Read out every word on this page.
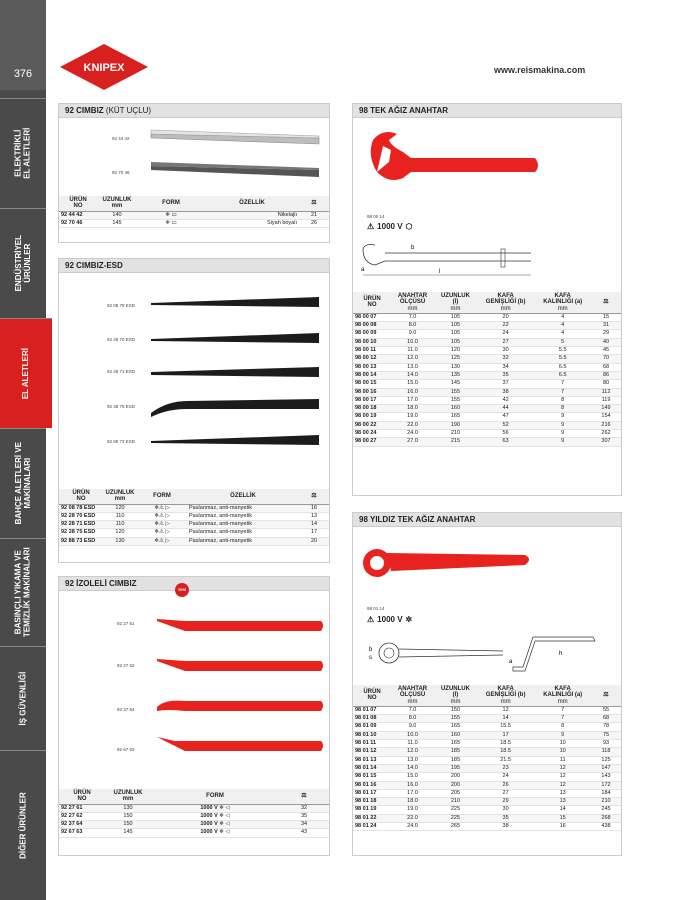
376
ELEKTRİKLİ
EL ALETLERİ
ENDÜSTRİYEL
ÜRÜNLER
EL ALETLERİ
BAHÇE ALETLERİ VE
MAKİNALARI
BASINÇLI YIKAMA VE
TEMİZLİK MAKİNALARI
İŞ GÜVENLİĞİ
DİĞER ÜRÜNLER
KNIPEX	www.reismakina.com
92 CIMBIZ (KÜT UÇLU)
92 44 42
92 70 46
ÜRÜN
NO	UZUNLUK
mm	FORM	ÖZELLİK	⚖
92 44 42	140	❄ ▭	Nikelajlı	21
92 70 46	145	❄ ▭	Siyah boyalı	26
92 CIMBIZ-ESD
92 08 78 ESD
92 28 70 ESD
92 28 71 ESD
92 38 75 ESD
92 88 73 ESD
ÜRÜN
NO	UZUNLUK
mm	FORM	ÖZELLİK	⚖
92 08 78 ESD	120	❄⚠ ▷	Paslanmaz, anti-manyetik	16
92 28 70 ESD	110	❄⚠ ▷	Paslanmaz, anti-manyetik	13
92 28 71 ESD	110	❄⚠ ▷	Paslanmaz, anti-manyetik	14
92 38 75 ESD	120	❄⚠ ▷	Paslanmaz, anti-manyetik	17
92 88 73 ESD	130	❄⚠ ▷	Paslanmaz, anti-manyetik	20
92 İZOLELİ CIMBIZ
YENİ
92 27 61
92 27 62
92 37 64
92 67 63
ÜRÜN
NO	UZUNLUK
mm	FORM	⚖
92 27 61	130	1000 V ❄ ◁	32
92 27 62	150	1000 V ❄ ◁	35
92 37 64	150	1000 V ❄ ◁	34
92 67 63	145	1000 V ❄ ◁	43
98 TEK AĞIZ ANAHTAR
98 00 14
⚠ 1000 V ⬡
l
b
a
ÜRÜN
NO	ANAHTAR
ÖLÇÜSÜ
mm	UZUNLUK
(l)
mm	KAFA
GENİŞLİĞİ (b)
mm	KAFA
KALINLIĞI (a)
mm	⚖
98 00 07	7.0	105	20	4	15
98 00 08	8.0	105	22	4	31
98 00 09	9.0	105	24	4	29
98 00 10	10.0	105	27	5	40
98 00 11	11.0	120	30	5.5	45
98 00 12	12.0	125	32	5.5	70
98 00 13	13.0	130	34	6.5	68
98 00 14	14.0	135	35	6.5	86
98 00 15	15.0	145	37	7	80
98 00 16	16.0	155	38	7	112
98 00 17	17.0	155	42	8	119
98 00 18	18.0	160	44	8	149
98 00 19	19.0	165	47	9	154
98 00 22	22.0	190	52	9	216
98 00 24	24.0	210	56	9	262
98 00 27	27.0	215	63	9	307
98 YILDIZ TEK AĞIZ ANAHTAR
98 01 14
⚠ 1000 V ✲
b
s
a
h
ÜRÜN
NO	ANAHTAR
ÖLÇÜSÜ
mm	UZUNLUK
(l)
mm	KAFA
GENİŞLİĞİ (b)
mm	KAFA
KALINLIĞI (a)
mm	⚖
98 01 07	7.0	150	12	7	55
98 01 08	8.0	155	14	7	68
98 01 09	9.0	165	15.5	8	78
98 01 10	10.0	160	17	9	75
98 01 11	11.0	165	18.5	10	93
98 01 12	12.0	185	18.5	10	118
98 01 13	13.0	185	21.5	11	125
98 01 14	14.0	195	23	12	147
98 01 15	15.0	200	24	12	143
98 01 16	16.0	200	26	12	172
98 01 17	17.0	205	27	13	184
98 01 18	18.0	210	29	13	210
98 01 19	19.0	225	30	14	245
98 01 22	22.0	225	35	15	268
98 01 24	24.0	265	38	16	438
